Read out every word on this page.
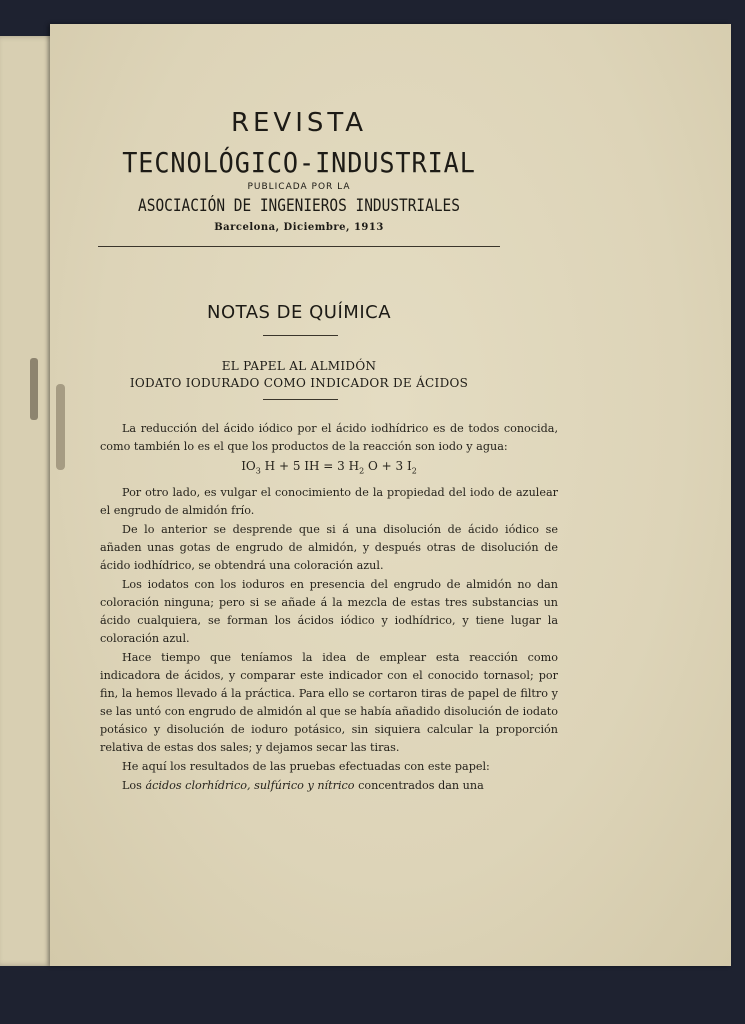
REVISTA
TECNOLÓGICO-INDUSTRIAL
PUBLICADA POR LA
ASOCIACIÓN DE INGENIEROS INDUSTRIALES
Barcelona, Diciembre, 1913
NOTAS DE QUÍMICA
EL PAPEL AL ALMIDÓN
IODATO IODURADO COMO INDICADOR DE ÁCIDOS

La reducción del ácido iódico por el ácido iodhídrico es de todos conocida, como también lo es el que los productos de la reacción son iodo y agua:

$IO_3$ H + 5 IH = 3 $H_2$ O + 3 $I_2$

Por otro lado, es vulgar el conocimiento de la propiedad del iodo de azulear el engrudo de almidón frío.

De lo anterior se desprende que si á una disolución de ácido iódico se añaden unas gotas de engrudo de almidón, y después otras de disolución de ácido iodhídrico, se obtendrá una coloración azul.

Los iodatos con los ioduros en presencia del engrudo de almidón no dan coloración ninguna; pero si se añade á la mezcla de estas tres substancias un ácido cualquiera, se forman los ácidos iódico y iodhídrico, y tiene lugar la coloración azul.

Hace tiempo que teníamos la idea de emplear esta reacción como indicadora de ácidos, y comparar este indicador con el conocido tornasol; por fin, la hemos llevado á la práctica. Para ello se cortaron tiras de papel de filtro y se las untó con engrudo de almidón al que se había añadido disolución de iodato potásico y disolución de ioduro potásico, sin siquiera calcular la proporción relativa de estas dos sales; y dejamos secar las tiras.

He aquí los resultados de las pruebas efectuadas con este papel:

Los ácidos clorhídrico, sulfúrico y nítrico concentrados dan una
